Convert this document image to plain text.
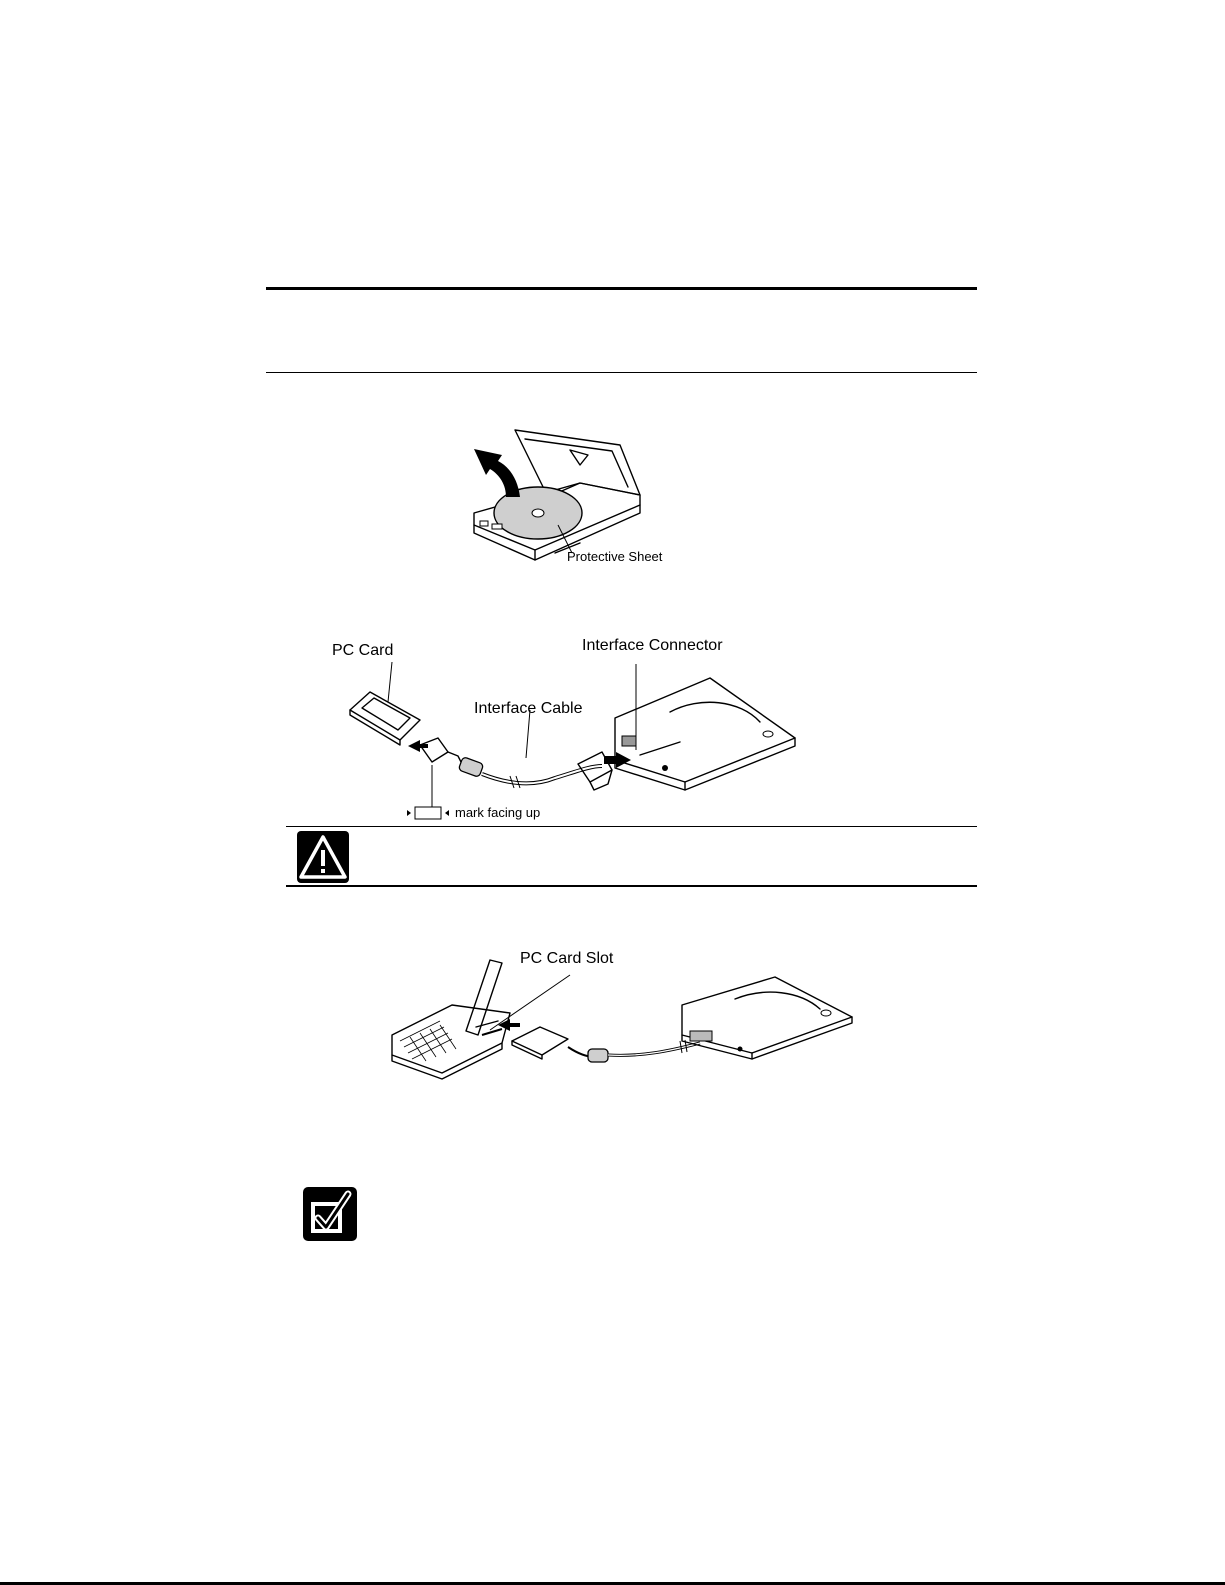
Protective Sheet
PC Card	Interface Connector
Interface Cable
mark facing up
PC Card Slot
